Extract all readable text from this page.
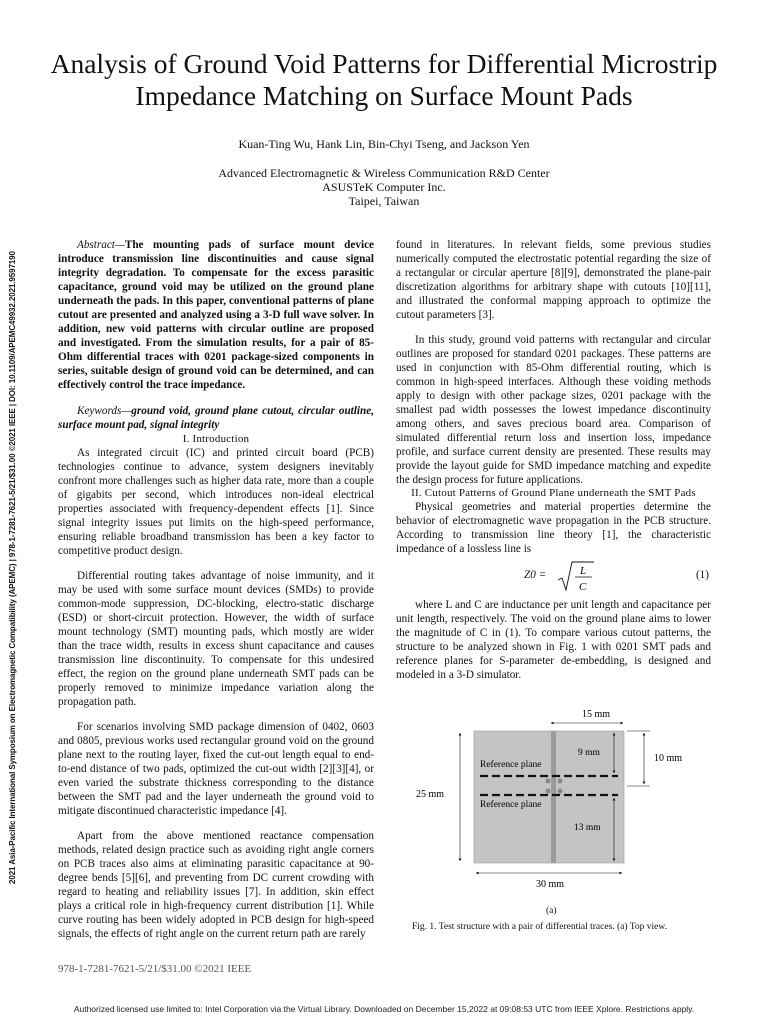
2021 Asia-Pacific International Symposium on Electromagnetic Compatibility (APEMC) | 978-1-7281-7621-5/21/$31.00 ©2021 IEEE | DOI: 10.1109/APEMC49932.2021.9597190
Analysis of Ground Void Patterns for Differential Microstrip Impedance Matching on Surface Mount Pads
Kuan-Ting Wu, Hank Lin, Bin-Chyi Tseng, and Jackson Yen
Advanced Electromagnetic & Wireless Communication R&D Center
ASUSTeK Computer Inc.
Taipei, Taiwan

Abstract—The mounting pads of surface mount device introduce transmission line discontinuities and cause signal integrity degradation. To compensate for the excess parasitic capacitance, ground void may be utilized on the ground plane underneath the pads. In this paper, conventional patterns of plane cutout are presented and analyzed using a 3-D full wave solver. In addition, new void patterns with circular outline are proposed and investigated. From the simulation results, for a pair of 85-Ohm differential traces with 0201 package-sized components in series, suitable design of ground void can be determined, and can effectively control the trace impedance.

Keywords—ground void, ground plane cutout, circular outline, surface mount pad, signal integrity

I. Introduction

As integrated circuit (IC) and printed circuit board (PCB) technologies continue to advance, system designers inevitably confront more challenges such as higher data rate, more than a couple of gigabits per second, which introduces non-ideal electrical properties associated with frequency-dependent effects [1]. Since signal integrity issues put limits on the high-speed performance, ensuring reliable broadband transmission has been a key factor to competitive product design.

Differential routing takes advantage of noise immunity, and it may be used with some surface mount devices (SMDs) to provide common-mode suppression, DC-blocking, electro-static discharge (ESD) or short-circuit protection. However, the width of surface mount technology (SMT) mounting pads, which mostly are wider than the trace width, results in excess shunt capacitance and causes transmission line discontinuity. To compensate for this undesired effect, the region on the ground plane underneath SMT pads can be properly removed to minimize impedance variation along the propagation path.

For scenarios involving SMD package dimension of 0402, 0603 and 0805, previous works used rectangular ground void on the ground plane next to the routing layer, fixed the cut-out length equal to end-to-end distance of two pads, optimized the cut-out width [2][3][4], or even varied the substrate thickness corresponding to the distance between the SMT pad and the layer underneath the ground void to mitigate discontinued characteristic impedance [4].

Apart from the above mentioned reactance compensation methods, related design practice such as avoiding right angle corners on PCB traces also aims at eliminating parasitic capacitance at 90-degree bends [5][6], and preventing from DC current crowding with regard to heating and reliability issues [7]. In addition, skin effect plays a critical role in high-frequency current distribution [1]. While curve routing has been widely adopted in PCB design for high-speed signals, the effects of right angle on the current return path are rarely

found in literatures. In relevant fields, some previous studies numerically computed the electrostatic potential regarding the size of a rectangular or circular aperture [8][9], demonstrated the plane-pair discretization algorithms for arbitrary shape with cutouts [10][11], and illustrated the conformal mapping approach to optimize the cutout parameters [3].

In this study, ground void patterns with rectangular and circular outlines are proposed for standard 0201 packages. These patterns are used in conjunction with 85-Ohm differential routing, which is common in high-speed interfaces. Although these voiding methods apply to design with other package sizes, 0201 package with the smallest pad width possesses the lowest impedance discontinuity among others, and saves precious board area. Comparison of simulated differential return loss and insertion loss, impedance profile, and surface current density are presented. These results may provide the layout guide for SMD impedance matching and expedite the design process for future applications.

II. Cutout Patterns of Ground Plane underneath the SMT Pads

Physical geometries and material properties determine the behavior of electromagnetic wave propagation in the PCB structure. According to transmission line theory [1], the characteristic impedance of a lossless line is

Z0 =	L
C
(1)

where L and C are inductance per unit length and capacitance per unit length, respectively. The void on the ground plane aims to lower the magnitude of C in (1). To compare various cutout patterns, the structure to be analyzed shown in Fig. 1 with 0201 SMT pads and reference planes for S-parameter de-embedding, is designed and modeled in a 3-D simulator.

Reference plane
Reference plane
15 mm
9 mm
13 mm
10 mm
25 mm
30 mm
(a)
Fig. 1. Test structure with a pair of differential traces. (a) Top view.
978-1-7281-7621-5/21/$31.00 ©2021 IEEE
Authorized licensed use limited to: Intel Corporation via the Virtual Library. Downloaded on December 15,2022 at 09:08:53 UTC from IEEE Xplore. Restrictions apply.
